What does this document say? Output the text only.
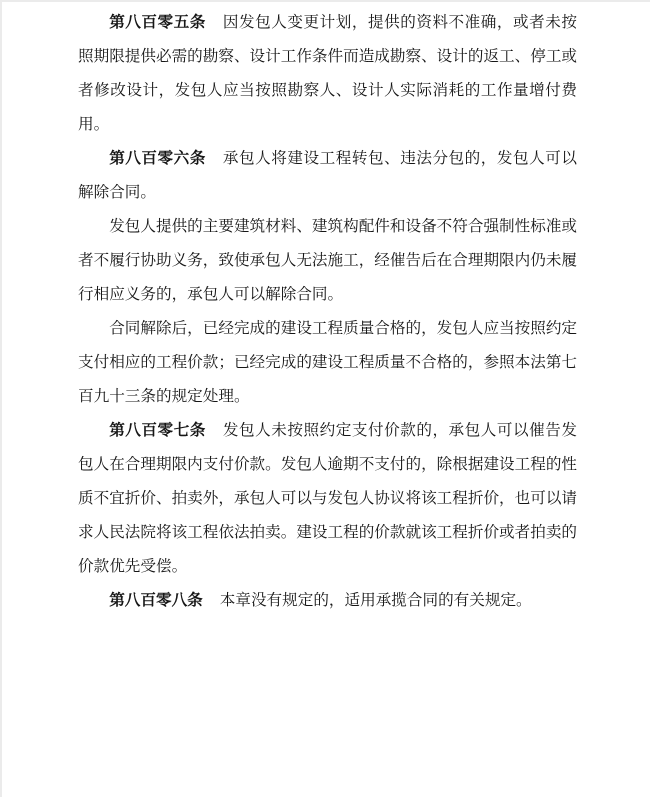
第八百零五条 因发包人变更计划，提供的资料不准确，或者未按照期限提供必需的勘察、设计工作条件而造成勘察、设计的返工、停工或者修改设计，发包人应当按照勘察人、设计人实际消耗的工作量增付费用。

第八百零六条 承包人将建设工程转包、违法分包的，发包人可以解除合同。

发包人提供的主要建筑材料、建筑构配件和设备不符合强制性标准或者不履行协助义务，致使承包人无法施工，经催告后在合理期限内仍未履行相应义务的，承包人可以解除合同。

合同解除后，已经完成的建设工程质量合格的，发包人应当按照约定支付相应的工程价款；已经完成的建设工程质量不合格的，参照本法第七百九十三条的规定处理。

第八百零七条 发包人未按照约定支付价款的，承包人可以催告发包人在合理期限内支付价款。发包人逾期不支付的，除根据建设工程的性质不宜折价、拍卖外，承包人可以与发包人协议将该工程折价，也可以请求人民法院将该工程依法拍卖。建设工程的价款就该工程折价或者拍卖的价款优先受偿。

第八百零八条 本章没有规定的，适用承揽合同的有关规定。
